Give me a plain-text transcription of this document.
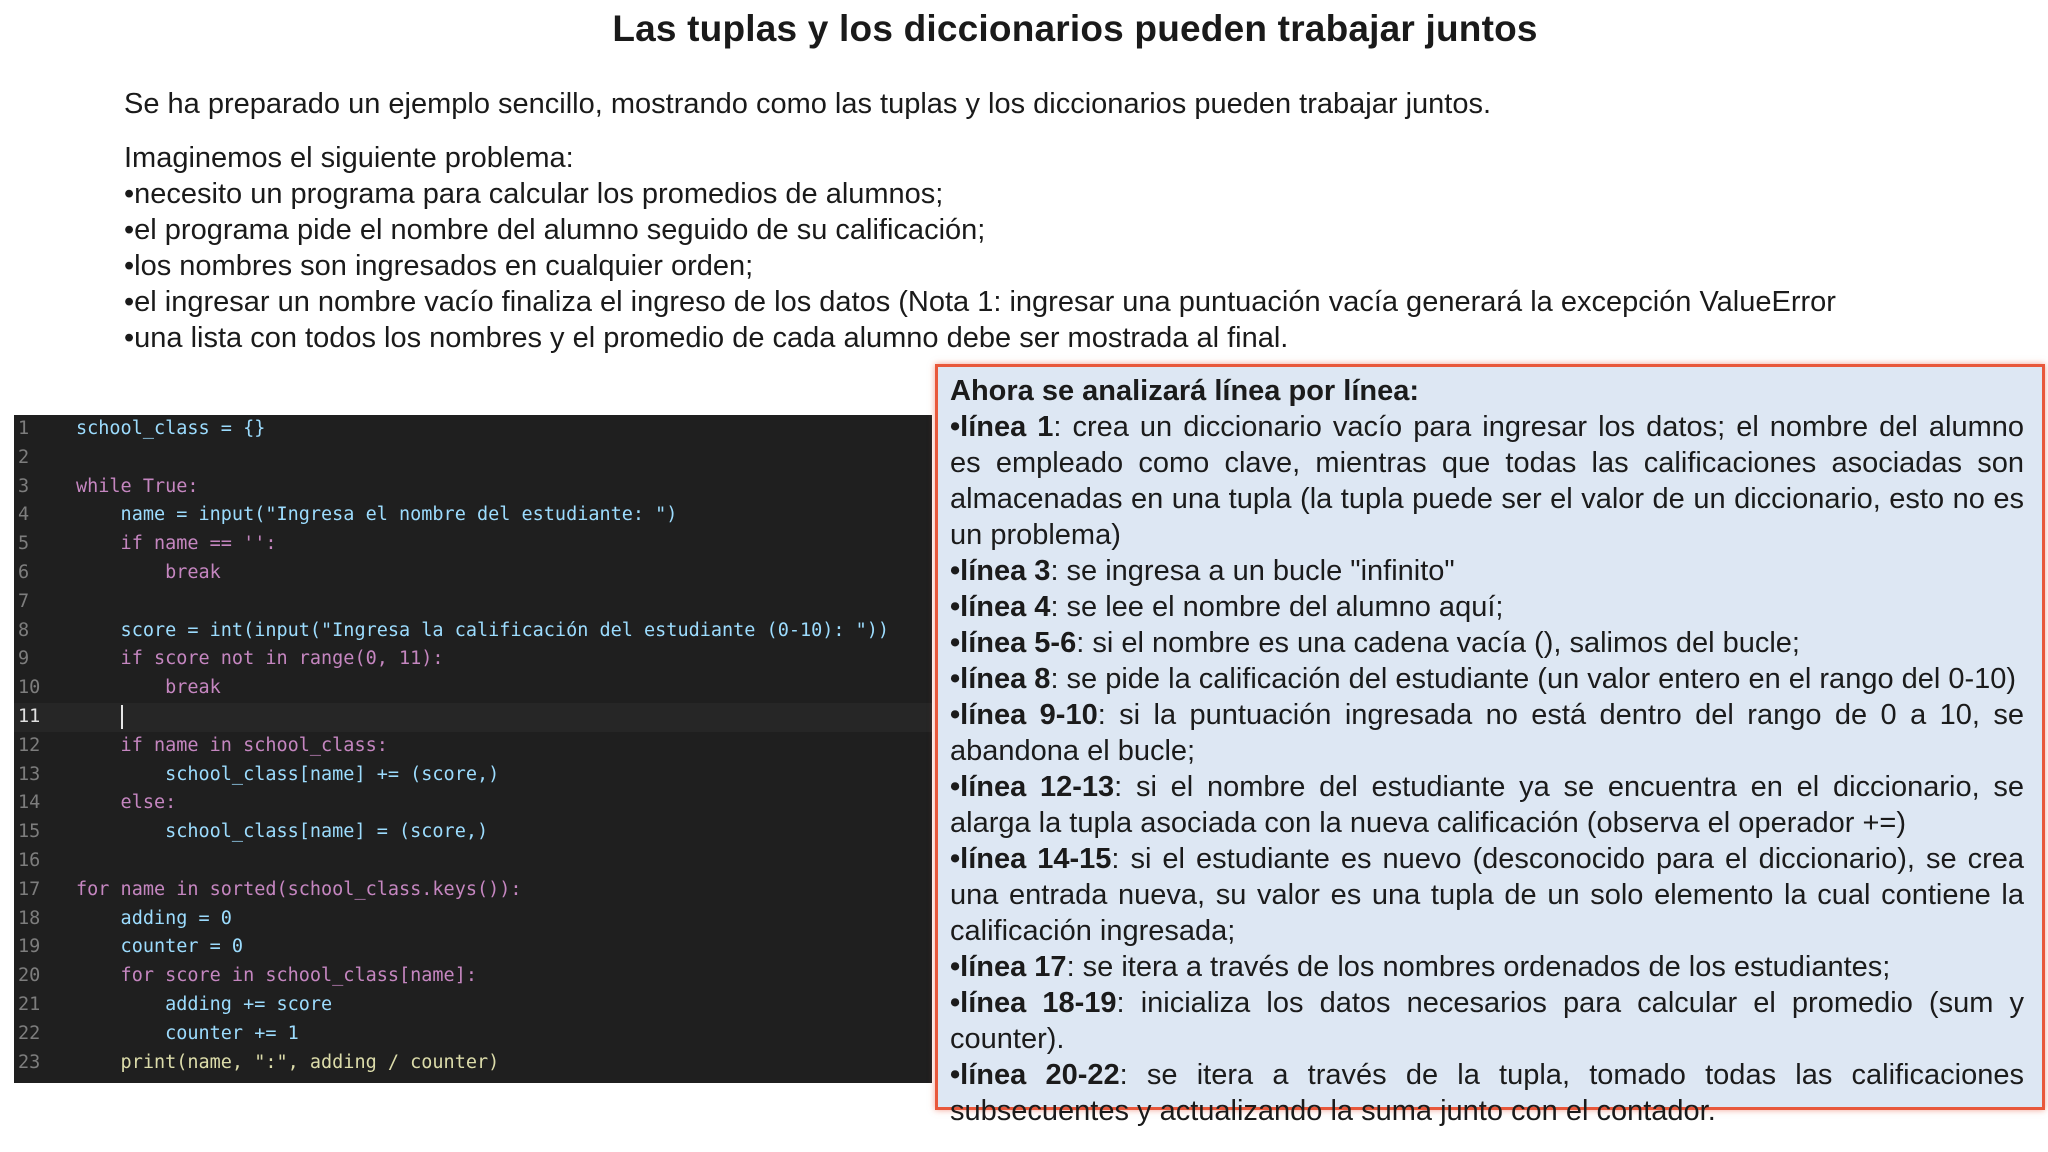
Las tuplas y los diccionarios pueden trabajar juntos
Se ha preparado un ejemplo sencillo, mostrando como las tuplas y los diccionarios pueden trabajar juntos.
Imaginemos el siguiente problema:
•necesito un programa para calcular los promedios de alumnos;
•el programa pide el nombre del alumno seguido de su calificación;
•los nombres son ingresados en cualquier orden;
•el ingresar un nombre vacío finaliza el ingreso de los datos (Nota 1: ingresar una puntuación vacía generará la excepción ValueError
•una lista con todos los nombres y el promedio de cada alumno debe ser mostrada al final.
1	school_class = {}
2
3	while True:
4	name = input("Ingresa el nombre del estudiante: ")
5	if name == '':
6	break
7
8	score = int(input("Ingresa la calificación del estudiante (0-10): "))
9	if score not in range(0, 11):
10	break
11

12	if name in school_class:
13	school_class[name] += (score,)
14	else:
15	school_class[name] = (score,)
16
17	for name in sorted(school_class.keys()):
18	adding = 0
19	counter = 0
20	for score in school_class[name]:
21	adding += score
22	counter += 1
23	print(name, ":", adding / counter)
Ahora se analizará línea por línea:
•línea 1: crea un diccionario vacío para ingresar los datos; el nombre del alumno es empleado como clave, mientras que todas las calificaciones asociadas son almacenadas en una tupla (la tupla puede ser el valor de un diccionario, esto no es un problema)
•línea 3: se ingresa a un bucle "infinito"
•línea 4: se lee el nombre del alumno aquí;
•línea 5-6: si el nombre es una cadena vacía (), salimos del bucle;
•línea 8: se pide la calificación del estudiante (un valor entero en el rango del 0-10)
•línea 9-10: si la puntuación ingresada no está dentro del rango de 0 a 10, se abandona el bucle;
•línea 12-13: si el nombre del estudiante ya se encuentra en el diccionario, se alarga la tupla asociada con la nueva calificación (observa el operador +=)
•línea 14-15: si el estudiante es nuevo (desconocido para el diccionario), se crea una entrada nueva, su valor es una tupla de un solo elemento la cual contiene la calificación ingresada;
•línea 17: se itera a través de los nombres ordenados de los estudiantes;
•línea 18-19: inicializa los datos necesarios para calcular el promedio (sum y counter).
•línea 20-22: se itera a través de la tupla, tomado todas las calificaciones subsecuentes y actualizando la suma junto con el contador.
